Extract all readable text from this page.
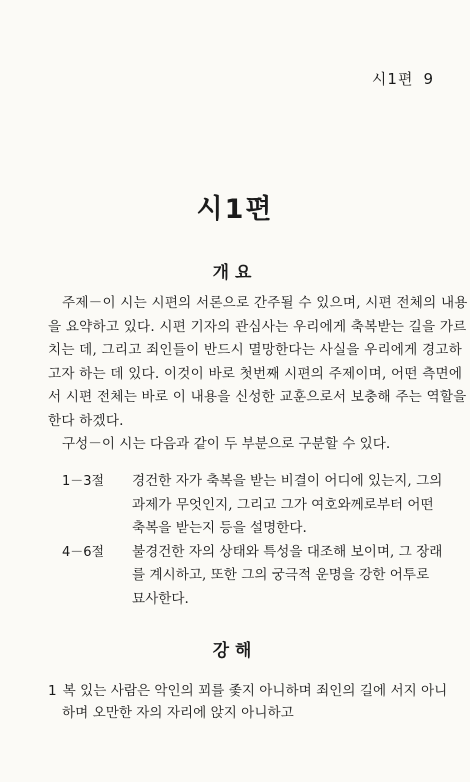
시1편 9
시1편
개요
주제－이 시는 시편의 서론으로 간주될 수 있으며, 시편 전체의 내용
을 요약하고 있다. 시편 기자의 관심사는 우리에게 축복받는 길을 가르
치는 데, 그리고 죄인들이 반드시 멸망한다는 사실을 우리에게 경고하
고자 하는 데 있다. 이것이 바로 첫번째 시편의 주제이며, 어떤 측면에
서 시편 전체는 바로 이 내용을 신성한 교훈으로서 보충해 주는 역할을
한다 하겠다.
구성－이 시는 다음과 같이 두 부분으로 구분할 수 있다.
1－3절	경건한 자가 축복을 받는 비결이 어디에 있는지, 그의
과제가 무엇인지, 그리고 그가 여호와께로부터 어떤
축복을 받는지 등을 설명한다.
4－6절	불경건한 자의 상태와 특성을 대조해 보이며, 그 장래
를 계시하고, 또한 그의 궁극적 운명을 강한 어투로
묘사한다.
강해
1 복 있는 사람은 악인의 꾀를 좇지 아니하며 죄인의 길에 서지 아니
하며 오만한 자의 자리에 앉지 아니하고
